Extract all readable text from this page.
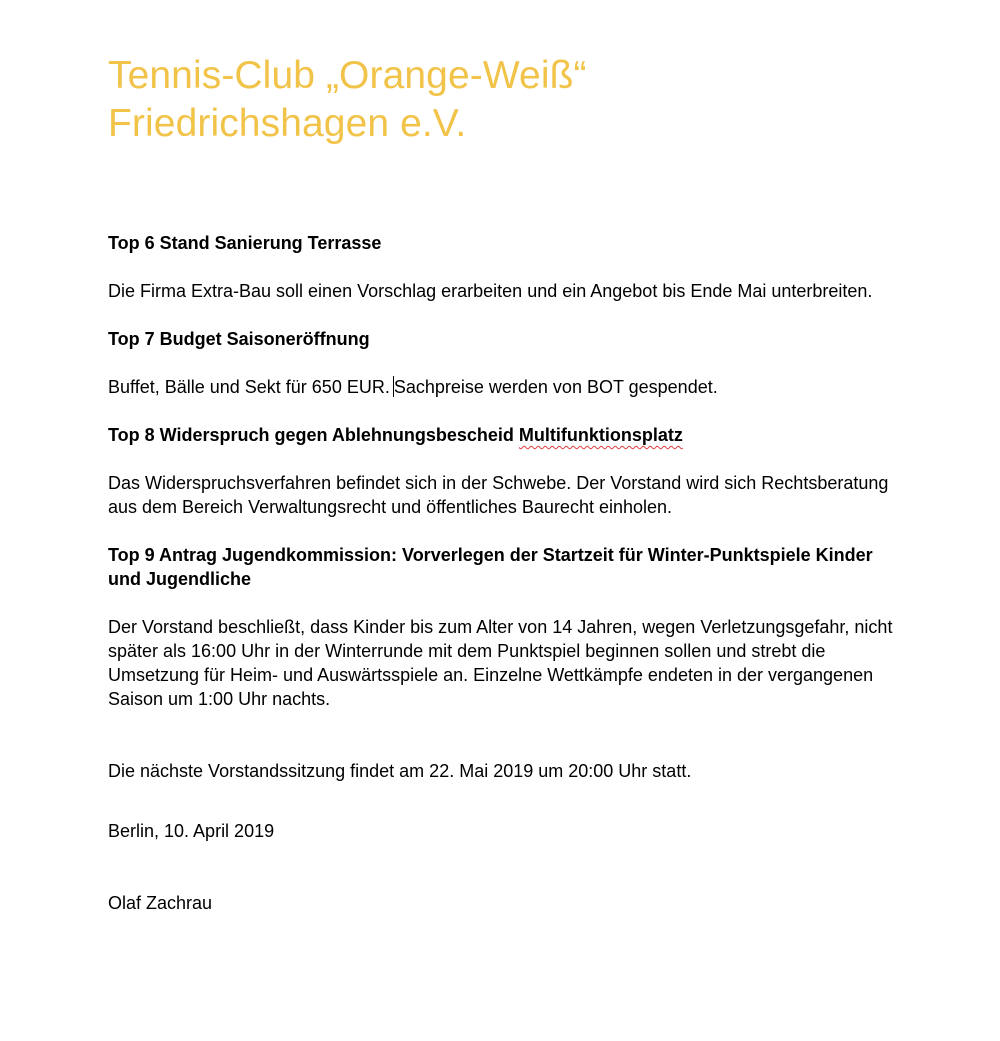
Tennis-Club „Orange-Weiß“
Friedrichshagen e.V.

Top 6 Stand Sanierung Terrasse

Die Firma Extra-Bau soll einen Vorschlag erarbeiten und ein Angebot bis Ende Mai unterbreiten.

Top 7 Budget Saisoneröffnung

Buffet, Bälle und Sekt für 650 EUR. Sachpreise werden von BOT gespendet.

Top 8 Widerspruch gegen Ablehnungsbescheid Multifunktionsplatz

Das Widerspruchsverfahren befindet sich in der Schwebe. Der Vorstand wird sich Rechtsberatung aus dem Bereich Verwaltungsrecht und öffentliches Baurecht einholen.

Top 9 Antrag Jugendkommission: Vorverlegen der Startzeit für Winter-Punktspiele Kinder und Jugendliche

Der Vorstand beschließt, dass Kinder bis zum Alter von 14 Jahren, wegen Verletzungsgefahr, nicht später als 16:00 Uhr in der Winterrunde mit dem Punktspiel beginnen sollen und strebt die Umsetzung für Heim- und Auswärtsspiele an. Einzelne Wettkämpfe endeten in der vergangenen Saison um 1:00 Uhr nachts.

Die nächste Vorstandssitzung findet am 22. Mai 2019 um 20:00 Uhr statt.

Berlin, 10. April 2019

Olaf Zachrau
